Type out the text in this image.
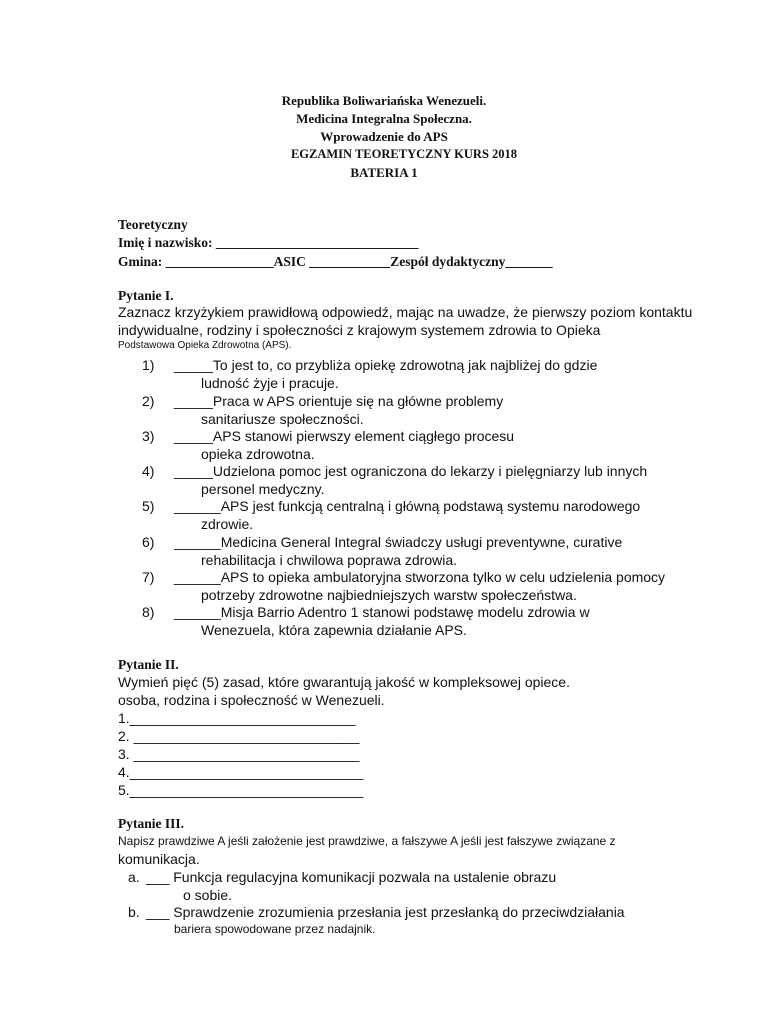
Republika Boliwariańska Wenezueli.
Medicina Integralna Społeczna.
Wprowadzenie do APS
EGZAMIN TEORETYCZNY KURS 2018
BATERIA 1
Teoretyczny
Imię i nazwisko: ______________________________
Gmina: ________________ASIC ____________Zespół dydaktyczny_______
Pytanie I.
Zaznacz krzyżykiem prawidłową odpowiedź, mając na uwadze, że pierwszy poziom kontaktu
indywidualne, rodziny i społeczności z krajowym systemem zdrowia to Opieka
Podstawowa Opieka Zdrowotna (APS).
1) _____To jest to, co przybliża opiekę zdrowotną jak najbliżej do gdzie
ludność żyje i pracuje.
2) _____Praca w APS orientuje się na główne problemy
sanitariusze społeczności.
3) _____APS stanowi pierwszy element ciągłego procesu
opieka zdrowotna.
4) _____Udzielona pomoc jest ograniczona do lekarzy i pielęgniarzy lub innych
personel medyczny.
5) ______APS jest funkcją centralną i główną podstawą systemu narodowego
zdrowie.
6) ______Medicina General Integral świadczy usługi preventywne, curative
rehabilitacja i chwilowa poprawa zdrowia.
7) ______APS to opieka ambulatoryjna stworzona tylko w celu udzielenia pomocy
potrzeby zdrowotne najbiedniejszych warstw społeczeństwa.
8) ______Misja Barrio Adentro 1 stanowi podstawę modelu zdrowia w
Wenezuela, która zapewnia działanie APS.
Pytanie II.
Wymień pięć (5) zasad, które gwarantują jakość w kompleksowej opiece.
osoba, rodzina i społeczność w Wenezueli.
1._____________________________
2. _____________________________
3. _____________________________
4.______________________________
5.______________________________
Pytanie III.
Napisz prawdziwe A jeśli założenie jest prawdziwe, a fałszywe A jeśli jest fałszywe związane z
komunikacja.
a. ___ Funkcja regulacyjna komunikacji pozwala na ustalenie obrazu
o sobie.
b. ___ Sprawdzenie zrozumienia przesłania jest przesłanką do przeciwdziałania
bariera spowodowane przez nadajnik.
